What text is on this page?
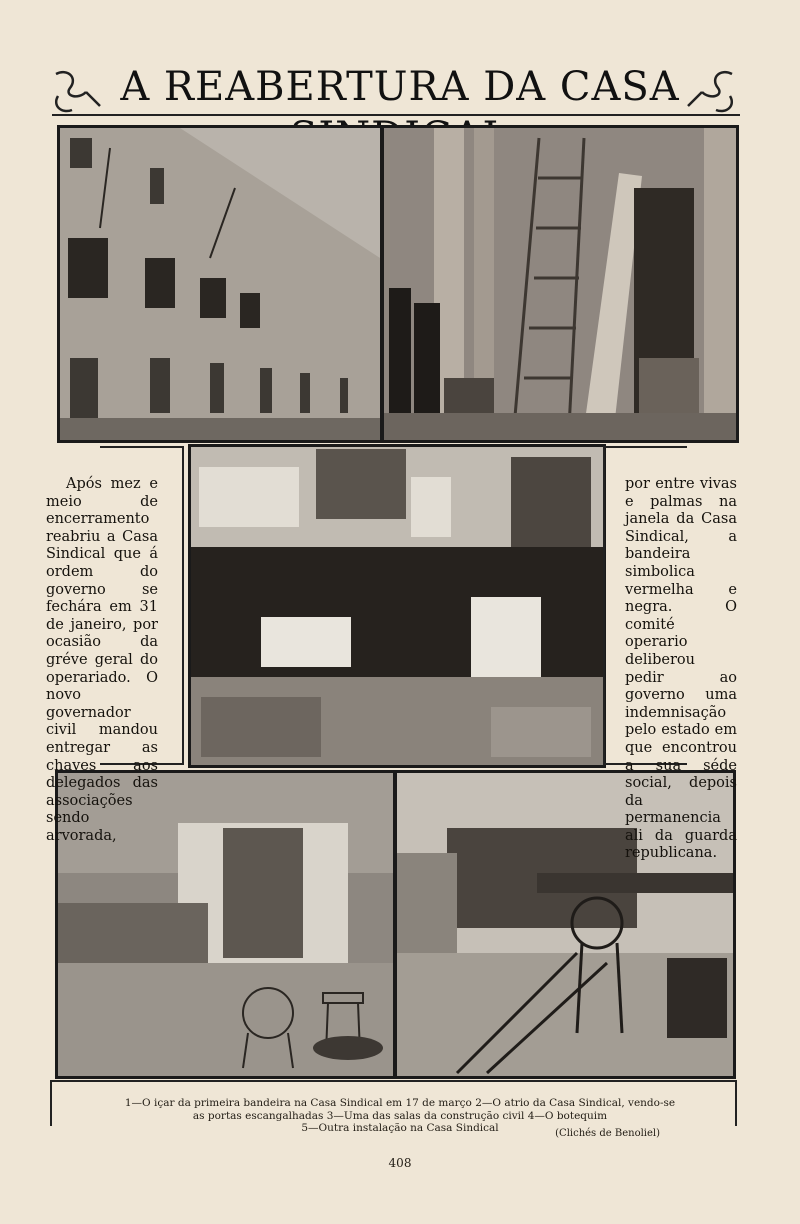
A REABERTURA DA CASA

Após mez e meio de encerramento reabriu a Casa Sindical que á ordem do governo se fechára em 31 de janeiro, por ocasião da gréve geral do operariado. O novo governador civil mandou entregar as chaves aos delegados das associações sendo arvorada,

por entre vivas e palmas na janela da Casa Sindical, a bandeira simbolica vermelha e negra. O comité operario deliberou pedir ao governo uma indemnisação pelo estado em que encontrou a sua séde social, depois da permanencia ali da guarda republicana.

1—O içar da primeira bandeira na Casa Sindical em 17 de março 2—O atrio da Casa Sindical, vendo-se
as portas escangalhadas 3—Uma das salas da construção civil 4—O botequim
5—Outra instalação na Casa Sindical	(Clichés de Benoliel)
408
